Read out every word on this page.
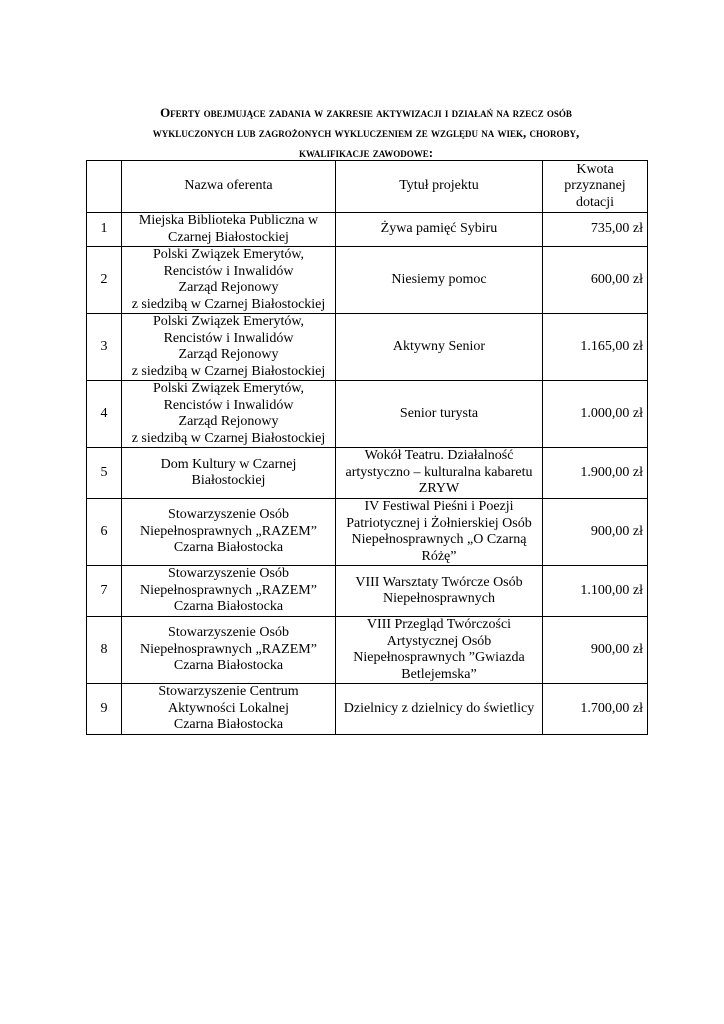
Oferty obejmujące zadania w zakresie aktywizacji i działań na rzecz osób
wykluczonych lub zagrożonych wykluczeniem ze względu na wiek, choroby,
kwalifikacje zawodowe:
	Nazwa oferenta	Tytuł projektu	Kwota
przyznanej
dotacji

1	Miejska Biblioteka Publiczna w
Czarnej Białostockiej	Żywa pamięć Sybiru	735,00 zł
2	Polski Związek Emerytów,
Rencistów i Inwalidów
Zarząd Rejonowy
z siedzibą w Czarnej Białostockiej	Niesiemy pomoc	600,00 zł
3	Polski Związek Emerytów,
Rencistów i Inwalidów
Zarząd Rejonowy
z siedzibą w Czarnej Białostockiej	Aktywny Senior	1.165,00 zł
4	Polski Związek Emerytów,
Rencistów i Inwalidów
Zarząd Rejonowy
z siedzibą w Czarnej Białostockiej	Senior turysta	1.000,00 zł
5	Dom Kultury w Czarnej
Białostockiej	Wokół Teatru. Działalność
artystyczno – kulturalna kabaretu
ZRYW	1.900,00 zł
6	Stowarzyszenie Osób
Niepełnosprawnych „RAZEM”
Czarna Białostocka	IV Festiwal Pieśni i Poezji
Patriotycznej i Żołnierskiej Osób
Niepełnosprawnych „O Czarną
Różę”	900,00 zł
7	Stowarzyszenie Osób
Niepełnosprawnych „RAZEM”
Czarna Białostocka	VIII Warsztaty Twórcze Osób
Niepełnosprawnych	1.100,00 zł
8	Stowarzyszenie Osób
Niepełnosprawnych „RAZEM”
Czarna Białostocka	VIII Przegląd Twórczości
Artystycznej Osób
Niepełnosprawnych ”Gwiazda
Betlejemska”	900,00 zł
9	Stowarzyszenie Centrum
Aktywności Lokalnej
Czarna Białostocka	Dzielnicy z dzielnicy do świetlicy	1.700,00 zł
